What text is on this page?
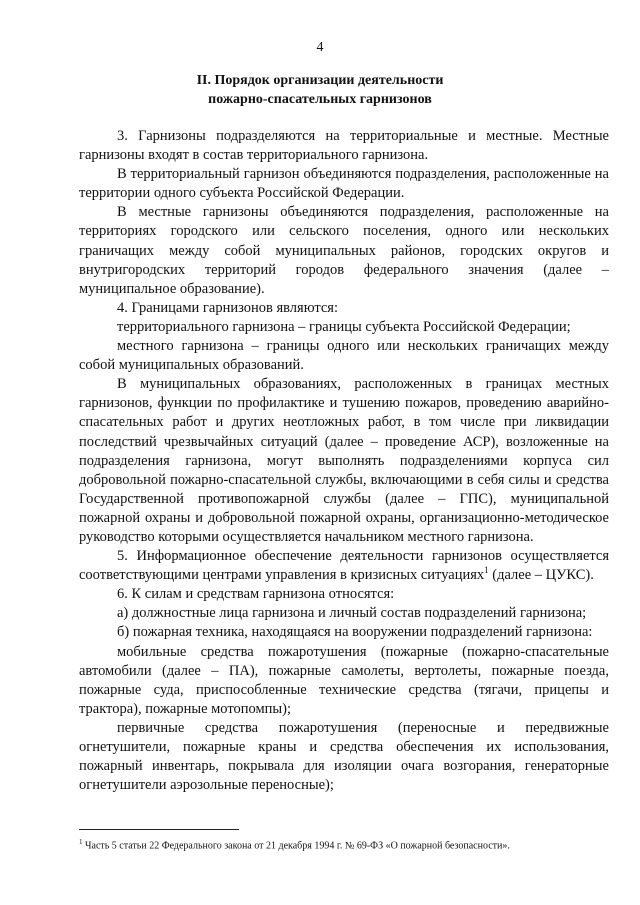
4
II. Порядок организации деятельности
пожарно-спасательных гарнизонов

3. Гарнизоны подразделяются на территориальные и местные. Местные гарнизоны входят в состав территориального гарнизона.

В территориальный гарнизон объединяются подразделения, расположенные на территории одного субъекта Российской Федерации.

В местные гарнизоны объединяются подразделения, расположенные на территориях городского или сельского поселения, одного или нескольких граничащих между собой муниципальных районов, городских округов и внутригородских территорий городов федерального значения (далее – муниципальное образование).

4. Границами гарнизонов являются:

территориального гарнизона – границы субъекта Российской Федерации;

местного гарнизона – границы одного или нескольких граничащих между собой муниципальных образований.

В муниципальных образованиях, расположенных в границах местных гарнизонов, функции по профилактике и тушению пожаров, проведению аварийно-спасательных работ и других неотложных работ, в том числе при ликвидации последствий чрезвычайных ситуаций (далее – проведение АСР), возложенные на подразделения гарнизона, могут выполнять подразделениями корпуса сил добровольной пожарно-спасательной службы, включающими в себя силы и средства Государственной противопожарной службы (далее – ГПС), муниципальной пожарной охраны и добровольной пожарной охраны, организационно-методическое руководство которыми осуществляется начальником местного гарнизона.

5. Информационное обеспечение деятельности гарнизонов осуществляется соответствующими центрами управления в кризисных ситуациях$^1$ (далее – ЦУКС).

6. К силам и средствам гарнизона относятся:

а) должностные лица гарнизона и личный состав подразделений гарнизона;

б) пожарная техника, находящаяся на вооружении подразделений гарнизона:

мобильные средства пожаротушения (пожарные (пожарно-спасательные автомобили (далее – ПА), пожарные самолеты, вертолеты, пожарные поезда, пожарные суда, приспособленные технические средства (тягачи, прицепы и трактора), пожарные мотопомпы);

первичные средства пожаротушения (переносные и передвижные огнетушители, пожарные краны и средства обеспечения их использования, пожарный инвентарь, покрывала для изоляции очага возгорания, генераторные огнетушители аэрозольные переносные);

$^1$ Часть 5 статьи 22 Федерального закона от 21 декабря 1994 г. № 69-ФЗ «О пожарной безопасности».
